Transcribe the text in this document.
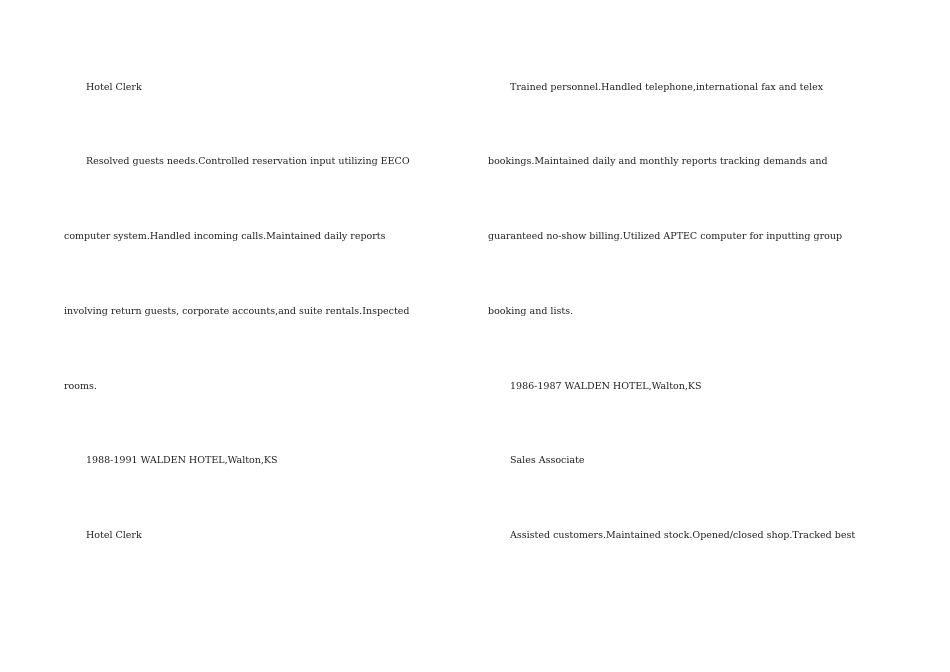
Hotel Clerk
Resolved guests needs.Controlled reservation input utilizing EECO
computer system.Handled incoming calls.Maintained daily reports
involving return guests, corporate accounts,and suite rentals.Inspected
rooms.
1988-1991 WALDEN HOTEL,Walton,KS
Hotel Clerk
Trained personnel.Handled telephone,international fax and telex
bookings.Maintained daily and monthly reports tracking demands and
guaranteed no-show billing.Utilized APTEC computer for inputting group
booking and lists.
1986-1987 WALDEN HOTEL,Walton,KS
Sales Associate
Assisted customers.Maintained stock.Opened/closed shop.Tracked best
